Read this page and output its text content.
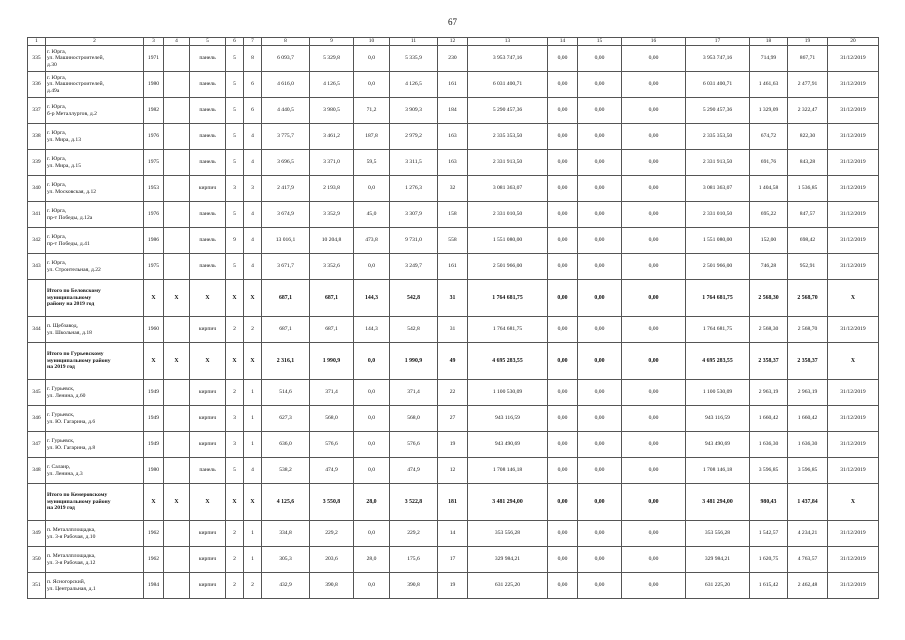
67
1	2	3	4	5	6	7	8	9	10	11	12	13	14	15	16	17	18	19	20
335	г. Юрга,
ул. Машиностроителей,
д.30	1971		панель	5	8	6 093,7	5 329,8	0,0	5 335,9	230	3 953 747,16	0,00	0,00	0,00	3 953 747,16	714,99	867,71	31/12/2019
336	г. Юрга,
ул. Машиностроителей,
д.49а	1980		панель	5	6	4 616,0	4 126,5	0,0	4 126,5	161	6 031 400,71	0,00	0,00	0,00	6 031 400,71	1 461,63	2 477,91	31/12/2019
337	г. Юрга,
б-р Металлургов, д.2	1982		панель	5	6	4 440,5	3 980,5	71,2	3 909,3	184	5 290 457,36	0,00	0,00	0,00	5 290 457,36	1 329,09	2 322,47	31/12/2019
338	г. Юрга,
ул. Мира, д.13	1976		панель	5	4	3 775,7	3 461,2	187,8	2 979,2	163	2 335 353,50	0,00	0,00	0,00	2 335 353,50	674,72	822,30	31/12/2019
339	г. Юрга,
ул. Мира, д.15	1975		панель	5	4	3 696,5	3 371,0	59,5	3 311,5	163	2 331 913,50	0,00	0,00	0,00	2 331 913,50	691,76	843,28	31/12/2019
340	г. Юрга,
ул. Московская, д.12	1953		кирпич	3	3	2 417,9	2 193,8	0,0	1 276,3	32	3 081 363,07	0,00	0,00	0,00	3 081 363,07	1 404,58	1 536,85	31/12/2019
341	г. Юрга,
пр-т Победы, д.12а	1976		панель	5	4	3 674,9	3 352,9	45,0	3 307,9	158	2 331 010,50	0,00	0,00	0,00	2 331 010,50	695,22	847,57	31/12/2019
342	г. Юрга,
пр-т Победы, д.41	1986		панель	9	4	13 016,1	10 204,8	473,8	9 731,0	558	1 551 080,00	0,00	0,00	0,00	1 551 080,00	152,00	698,42	31/12/2019
343	г. Юрга,
ул. Строительная, д.22	1975		панель	5	4	3 671,7	3 352,6	0,0	3 249,7	161	2 501 966,00	0,00	0,00	0,00	2 501 966,00	746,28	952,91	31/12/2019
	Итого по Беловскому
муниципальному
району на 2019 год	X	X	X	X	X	687,1	687,1	144,3	542,8	31	1 764 681,75	0,00	0,00	0,00	1 764 681,75	2 568,30	2 568,70	X
344	п. Щебзавод,
ул. Школьная, д.18	1960		кирпич	2	2	687,1	687,1	144,3	542,8	31	1 764 681,75	0,00	0,00	0,00	1 764 681,75	2 568,30	2 568,70	31/12/2019
	Итого по Гурьевскому
муниципальному району
на 2019 год	X	X	X	X	X	2 316,1	1 990,9	0,0	1 990,9	49	4 695 283,55	0,00	0,00	0,00	4 695 283,55	2 358,37	2 358,37	X
345	г. Гурьевск,
ул. Ленина, д.60	1949		кирпич	2	1	514,6	371,4	0,0	371,4	22	1 100 530,09	0,00	0,00	0,00	1 100 530,09	2 963,19	2 963,19	31/12/2019
346	г. Гурьевск,
ул. Ю. Гагарина, д.6	1949		кирпич	3	1	627,3	568,0	0,0	568,0	27	943 116,59	0,00	0,00	0,00	943 116,59	1 660,42	1 660,42	31/12/2019
347	г. Гурьевск,
ул. Ю. Гагарина, д.8	1949		кирпич	3	1	636,0	576,6	0,0	576,6	19	943 490,69	0,00	0,00	0,00	943 490,69	1 636,30	1 636,30	31/12/2019
348	г. Салаир,
ул. Ленина, д.3	1980		панель	5	4	538,2	474,9	0,0	474,9	12	1 708 146,18	0,00	0,00	0,00	1 708 146,18	3 596,85	3 596,85	31/12/2019
	Итого по Кемеровскому
муниципальному району
на 2019 год	X	X	X	X	X	4 125,6	3 550,8	28,0	3 522,8	181	3 481 294,00	0,00	0,00	0,00	3 481 294,00	980,43	1 437,84	X
349	п. Металлплощадка,
ул. 3-я Рабочая, д.10	1962		кирпич	2	1	334,8	229,2	0,0	229,2	14	353 556,28	0,00	0,00	0,00	353 556,28	1 542,57	4 234,21	31/12/2019
350	п. Металлплощадка,
ул. 3-я Рабочая, д.12	1962		кирпич	2	1	305,3	203,6	28,0	175,6	17	329 984,21	0,00	0,00	0,00	329 984,21	1 620,75	4 763,57	31/12/2019
351	п. Ясногорский,
ул. Центральная, д.1	1984		кирпич	2	2	432,9	390,8	0,0	390,8	19	631 225,20	0,00	0,00	0,00	631 225,20	1 615,42	2 462,48	31/12/2019
